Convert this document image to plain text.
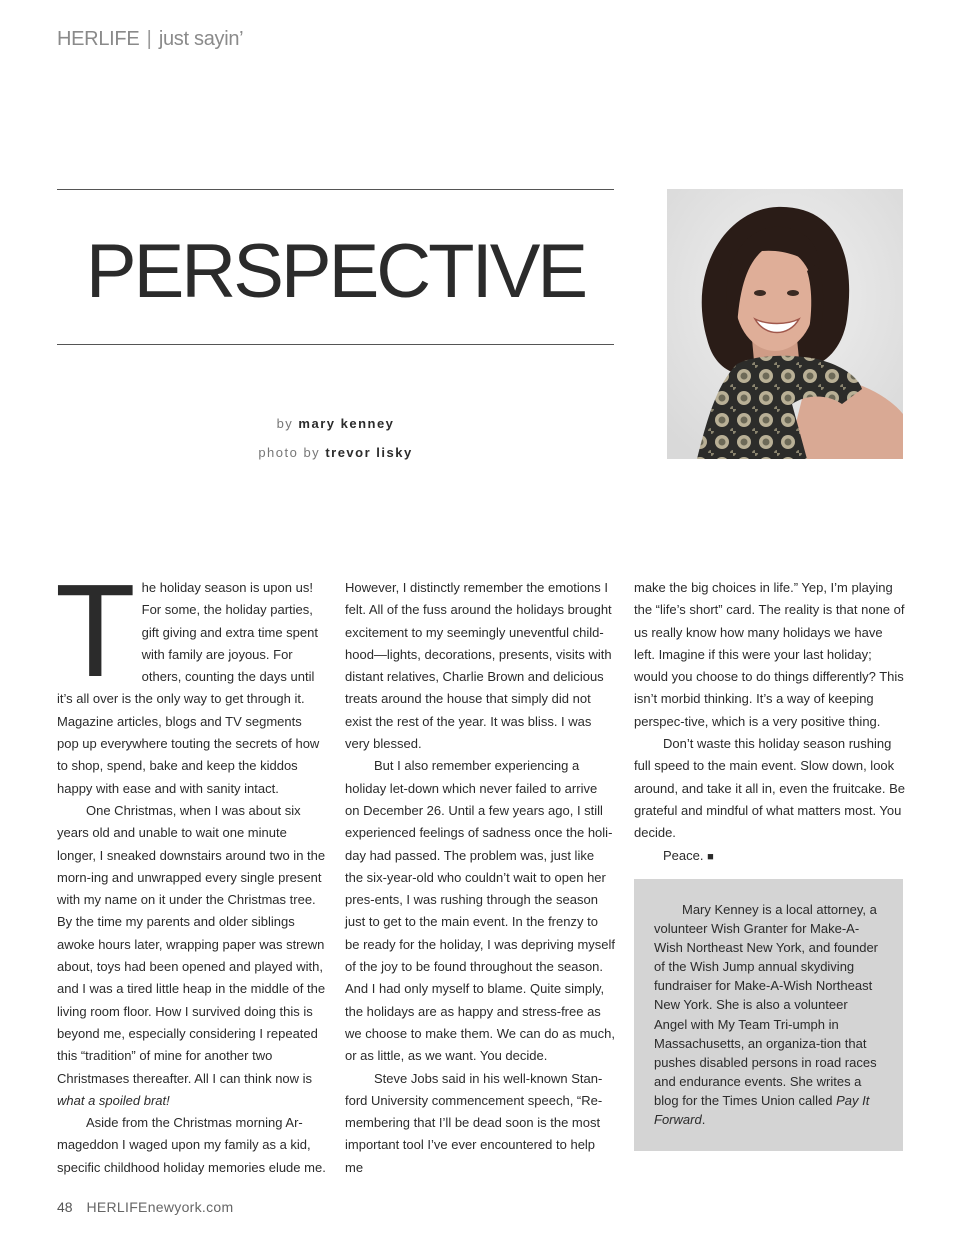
HERLIFE | just sayin’
PERSPECTIVE
by mary kenney
photo by trevor lisky
T he holiday season is upon us! For some, the holiday parties, gift giving and extra time spent with family are joyous. For others, counting the days until it’s all over is the only way to get through it. Magazine articles, blogs and TV segments pop up everywhere touting the secrets of how to shop, spend, bake and keep the kiddos happy with ease and with sanity intact.

One Christmas, when I was about six years old and unable to wait one minute longer, I sneaked downstairs around two in the morn-ing and unwrapped every single present with my name on it under the Christmas tree. By the time my parents and older siblings awoke hours later, wrapping paper was strewn about, toys had been opened and played with, and I was a tired little heap in the middle of the living room floor. How I survived doing this is beyond me, especially considering I repeated this “tradition” of mine for another two Christmases thereafter. All I can think now is what a spoiled brat!

Aside from the Christmas morning Ar-mageddon I waged upon my family as a kid, specific childhood holiday memories elude me.

However, I distinctly remember the emotions I felt. All of the fuss around the holidays brought excitement to my seemingly uneventful child-hood—lights, decorations, presents, visits with distant relatives, Charlie Brown and delicious treats around the house that simply did not exist the rest of the year. It was bliss. I was very blessed.

But I also remember experiencing a holiday let-down which never failed to arrive on December 26. Until a few years ago, I still experienced feelings of sadness once the holi-day had passed. The problem was, just like the six-year-old who couldn’t wait to open her pres-ents, I was rushing through the season just to get to the main event. In the frenzy to be ready for the holiday, I was depriving myself of the joy to be found throughout the season. And I had only myself to blame. Quite simply, the holidays are as happy and stress-free as we choose to make them. We can do as much, or as little, as we want. You decide.

Steve Jobs said in his well-known Stan-ford University commencement speech, “Re-membering that I’ll be dead soon is the most important tool I’ve ever encountered to help me

make the big choices in life.” Yep, I’m playing the “life’s short” card. The reality is that none of us really know how many holidays we have left. Imagine if this were your last holiday; would you choose to do things differently? This isn’t morbid thinking. It’s a way of keeping perspec-tive, which is a very positive thing.

Don’t waste this holiday season rushing full speed to the main event. Slow down, look around, and take it all in, even the fruitcake. Be grateful and mindful of what matters most. You decide.

Peace. ■

Mary Kenney is a local attorney, a volunteer Wish Granter for Make-A-Wish Northeast New York, and founder of the Wish Jump annual skydiving fundraiser for Make-A-Wish Northeast New York. She is also a volunteer Angel with My Team Tri-umph in Massachusetts, an organiza-tion that pushes disabled persons in road races and endurance events. She writes a blog for the Times Union called Pay It Forward.

48 HERLIFEnewyork.com
